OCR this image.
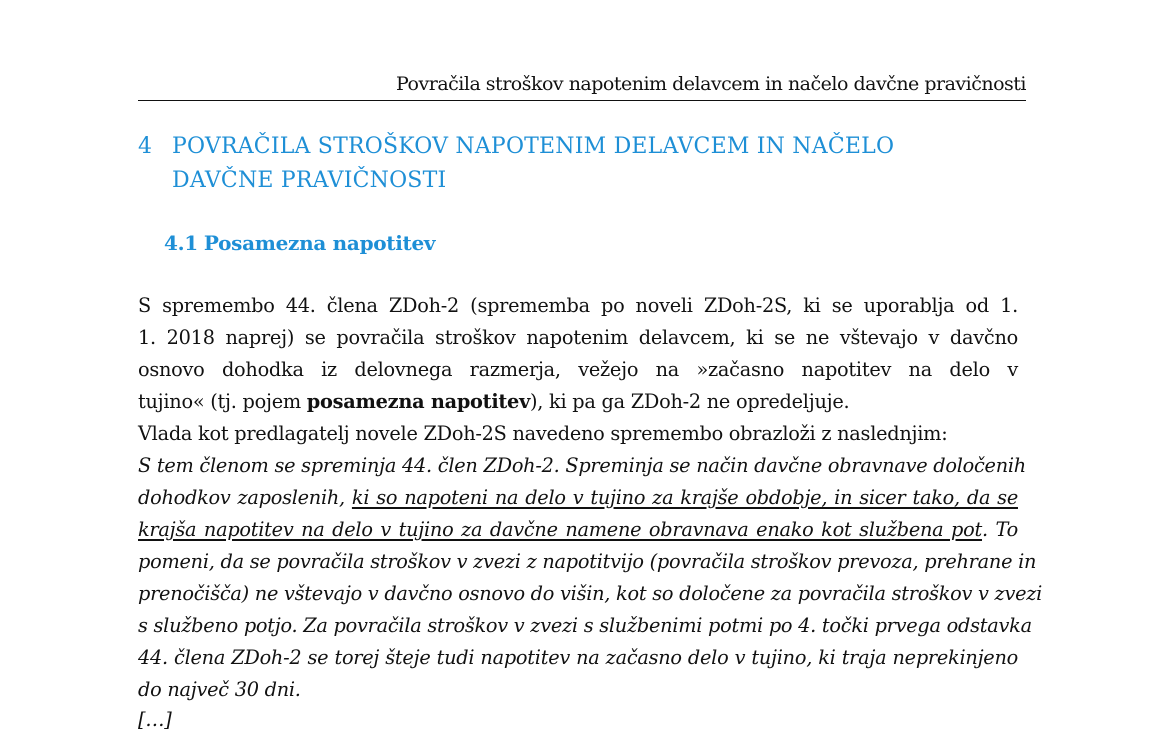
Povračila stroškov napotenim delavcem in načelo davčne pravičnosti
4 POVRAČILA STROŠKOV NAPOTENIM DELAVCEM IN NAČELO
DAVČNE PRAVIČNOSTI
4.1 Posamezna napotitev
S spremembo 44. člena ZDoh-2 (sprememba po noveli ZDoh-2S, ki se uporablja od 1.
1. 2018 naprej) se povračila stroškov napotenim delavcem, ki se ne vštevajo v davčno
osnovo dohodka iz delovnega razmerja, vežejo na »začasno napotitev na delo v
tujino« (tj. pojem posamezna napotitev), ki pa ga ZDoh-2 ne opredeljuje.
Vlada kot predlagatelj novele ZDoh-2S navedeno spremembo obrazloži z naslednjim:
S tem členom se spreminja 44. člen ZDoh-2. Spreminja se način davčne obravnave določenih
dohodkov zaposlenih, ki so napoteni na delo v tujino za krajše obdobje, in sicer tako, da se
krajša napotitev na delo v tujino za davčne namene obravnava enako kot službena pot. To
pomeni, da se povračila stroškov v zvezi z napotitvijo (povračila stroškov prevoza, prehrane in
prenočišča) ne vštevajo v davčno osnovo do višin, kot so določene za povračila stroškov v zvezi
s službeno potjo. Za povračila stroškov v zvezi s službenimi potmi po 4. točki prvega odstavka
44. člena ZDoh-2 se torej šteje tudi napotitev na začasno delo v tujino, ki traja neprekinjeno
do največ 30 dni.
[…]
